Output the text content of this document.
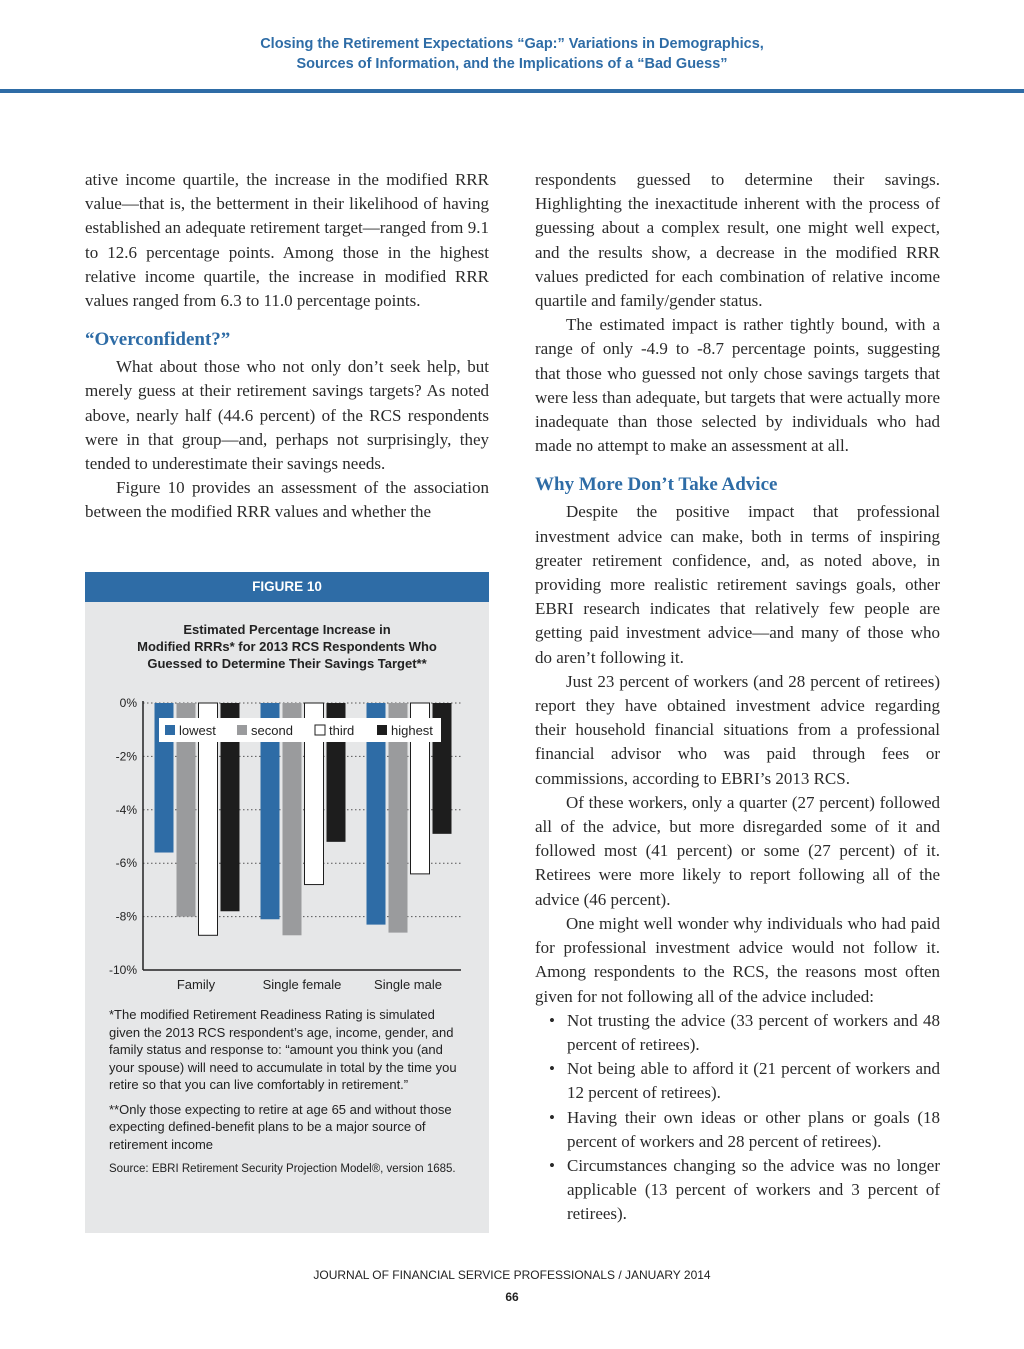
Closing the Retirement Expectations “Gap:” Variations in Demographics,
Sources of Information, and the Implications of a “Bad Guess”

ative income quartile, the increase in the modified RRR value—that is, the betterment in their likelihood of having established an adequate retirement target—ranged from 9.1 to 12.6 percentage points. Among those in the highest relative income quartile, the increase in modified RRR values ranged from 6.3 to 11.0 percentage points.

“Overconfident?”

What about those who not only don’t seek help, but merely guess at their retirement savings targets? As noted above, nearly half (44.6 percent) of the RCS respondents were in that group—and, perhaps not surprisingly, they tended to underestimate their savings needs.

Figure 10 provides an assessment of the association between the modified RRR values and whether the

FIGURE 10
Estimated Percentage Increase in
Modified RRRs* for 2013 RCS Respondents Who
Guessed to Determine Their Savings Target**
0%
-2%
-4%
-6%
-8%
-10%
Family	Single female	Single male
lowest	second	third	highest

*The modified Retirement Readiness Rating is simulated given the 2013 RCS respondent’s age, income, gender, and family status and response to: “amount you think you (and your spouse) will need to accumulate in total by the time you retire so that you can live comfortably in retirement.”

**Only those expecting to retire at age 65 and without those expecting defined-benefit plans to be a major source of retirement income

Source: EBRI Retirement Security Projection Model®, version 1685.

respondents guessed to determine their savings. Highlighting the inexactitude inherent with the process of guessing about a complex result, one might well expect, and the results show, a decrease in the modified RRR values predicted for each combination of relative income quartile and family/gender status.

The estimated impact is rather tightly bound, with a range of only -4.9 to -8.7 percentage points, suggesting that those who guessed not only chose savings targets that were less than adequate, but targets that were actually more inadequate than those selected by individuals who had made no attempt to make an assessment at all.

Why More Don’t Take Advice

Despite the positive impact that professional investment advice can make, both in terms of inspiring greater retirement confidence, and, as noted above, in providing more realistic retirement savings goals, other EBRI research indicates that relatively few people are getting paid investment advice—and many of those who do aren’t following it.

Just 23 percent of workers (and 28 percent of retirees) report they have obtained investment advice regarding their household financial situations from a professional financial advisor who was paid through fees or commissions, according to EBRI’s 2013 RCS.

Of these workers, only a quarter (27 percent) followed all of the advice, but more disregarded some of it and followed most (41 percent) or some (27 percent) of it. Retirees were more likely to report following all of the advice (46 percent).

One might well wonder why individuals who had paid for professional investment advice would not follow it. Among respondents to the RCS, the reasons most often given for not following all of the advice included:

• Not trusting the advice (33 percent of workers and 48 percent of retirees).
• Not being able to afford it (21 percent of workers and 12 percent of retirees).
• Having their own ideas or other plans or goals (18 percent of workers and 28 percent of retirees).
• Circumstances changing so the advice was no longer applicable (13 percent of workers and 3 percent of retirees).
JOURNAL OF FINANCIAL SERVICE PROFESSIONALS / JANUARY 2014
66
